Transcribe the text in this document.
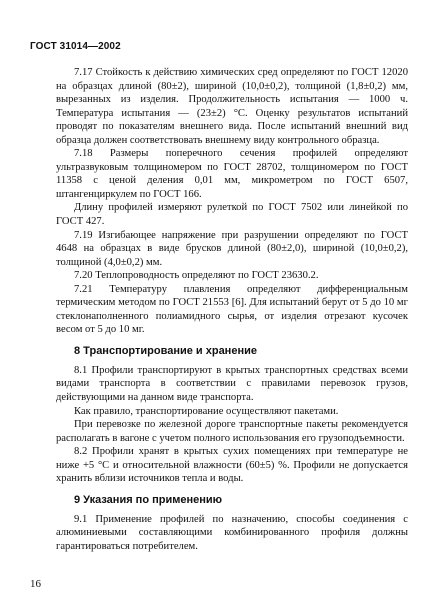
ГОСТ 31014—2002

7.17 Стойкость к действию химических сред определяют по ГОСТ 12020 на образцах длиной (80±2), шириной (10,0±0,2), толщиной (1,8±0,2) мм, вырезанных из изделия. Продолжительность испытания — 1000 ч. Температура испытания — (23±2) °С. Оценку результатов испытаний проводят по показателям внешнего вида. После испытаний внешний вид образца должен соответствовать внешнему виду контрольного образца.

7.18 Размеры поперечного сечения профилей определяют ультразвуковым толщиномером по ГОСТ 28702, толщиномером по ГОСТ 11358 с ценой деления 0,01 мм, микрометром по ГОСТ 6507, штангенциркулем по ГОСТ 166.

Длину профилей измеряют рулеткой по ГОСТ 7502 или линейкой по ГОСТ 427.

7.19 Изгибающее напряжение при разрушении определяют по ГОСТ 4648 на образцах в виде брусков длиной (80±2,0), шириной (10,0±0,2), толщиной (4,0±0,2) мм.

7.20 Теплопроводность определяют по ГОСТ 23630.2.

7.21 Температуру плавления определяют дифференциальным термическим методом по ГОСТ 21553 [6]. Для испытаний берут от 5 до 10 мг стеклонаполненного полиамидного сырья, от изделия отрезают кусочек весом от 5 до 10 мг.

8 Транспортирование и хранение

8.1 Профили транспортируют в крытых транспортных средствах всеми видами транспорта в соответствии с правилами перевозок грузов, действующими на данном виде транспорта.

Как правило, транспортирование осуществляют пакетами.

При перевозке по железной дороге транспортные пакеты рекомендуется располагать в вагоне с учетом полного использования его грузоподъемности.

8.2 Профили хранят в крытых сухих помещениях при температуре не ниже +5 °С и относительной влажности (60±5) %. Профили не допускается хранить вблизи источников тепла и воды.

9 Указания по применению

9.1 Применение профилей по назначению, способы соединения с алюминиевыми составляющими комбинированного профиля должны гарантироваться потребителем.

16
